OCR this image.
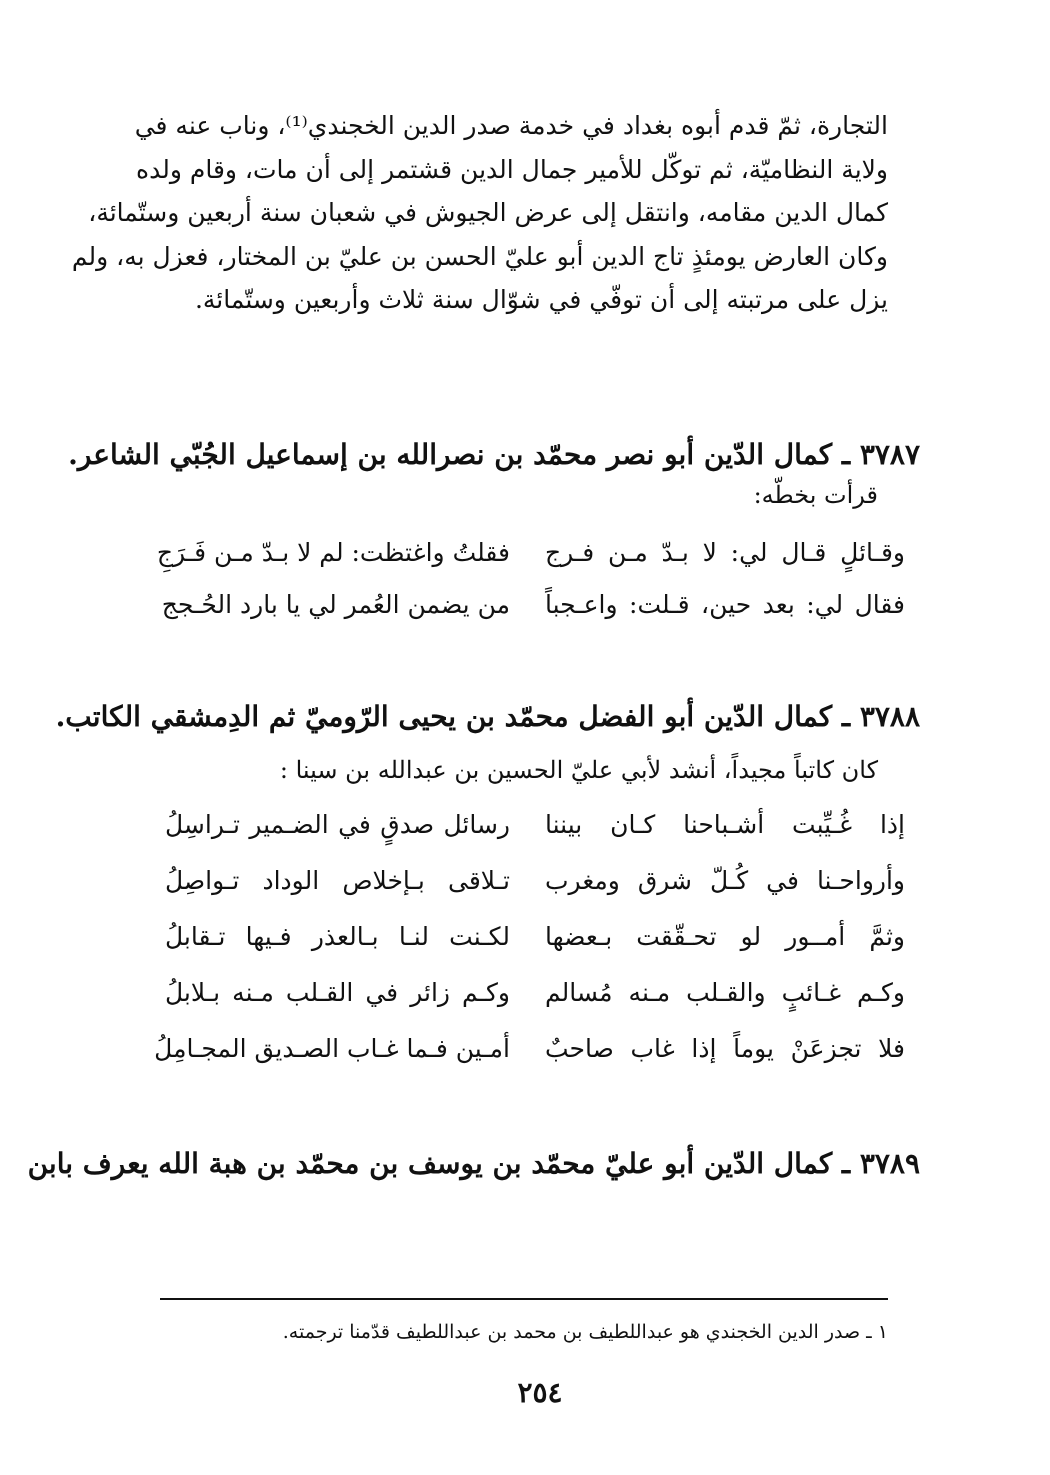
التجارة، ثمّ قدم أبوه بغداد في خدمة صدر الدين الخجندي⁽¹⁾، وناب عنه في
ولاية النظاميّة، ثم توكّل للأمير جمال الدين قشتمر إلى أن مات، وقام ولده
كمال الدين مقامه، وانتقل إلى عرض الجيوش في شعبان سنة أربعين وستّمائة،
وكان العارض يومئذٍ تاج الدين أبو عليّ الحسن بن عليّ بن المختار، فعزل به، ولم
يزل على مرتبته إلى أن توفّي في شوّال سنة ثلاث وأربعين وستّمائة.
٣٧٨٧ ـ كمال الدّين أبو نصر محمّد بن نصرالله بن إسماعيل الجُبّي الشاعر.
قرأت بخطّه:
وقـائلٍ قـال لي: لا بـدّ مـن فـرج
فقلتُ واغتظت: لم لا بـدّ مـن فَـرَجِ
فقال لي: بعد حين، قـلت: واعـجباً
من يضمن العُمر لي يا بارد الحُـجج
٣٧٨٨ ـ كمال الدّين أبو الفضل محمّد بن يحيى الرّوميّ ثم الدِمشقي الكاتب.
كان كاتباً مجيداً، أنشد لأبي عليّ الحسين بن عبدالله بن سينا :
إذا غُـيِّبت أشـباحنا كـان بيننا
رسائل صدقٍ في الضـمير تـراسِلُ
وأرواحـنا في كُـلّ شرق ومغرب
تـلاقى بـإخلاص الوداد تـواصِلُ
وثمَّ أمــور لو تحـقّقت بـعضها
لكـنت لنـا بـالعذر فـيها تـقابلُ
وكـم غـائبٍ والقـلب مـنه مُسالم
وكـم زائر في القـلب مـنه بـلابلُ
فلا تجزعَنْ يوماً إذا غاب صاحبٌ
أمـين فـما غـاب الصـديق المجـامِلُ
٣٧٨٩ ـ كمال الدّين أبو عليّ محمّد بن يوسف بن محمّد بن هبة الله يعرف بابن
١ ـ صدر الدين الخجندي هو عبداللطيف بن محمد بن عبداللطيف قدّمنا ترجمته.
٢٥٤
